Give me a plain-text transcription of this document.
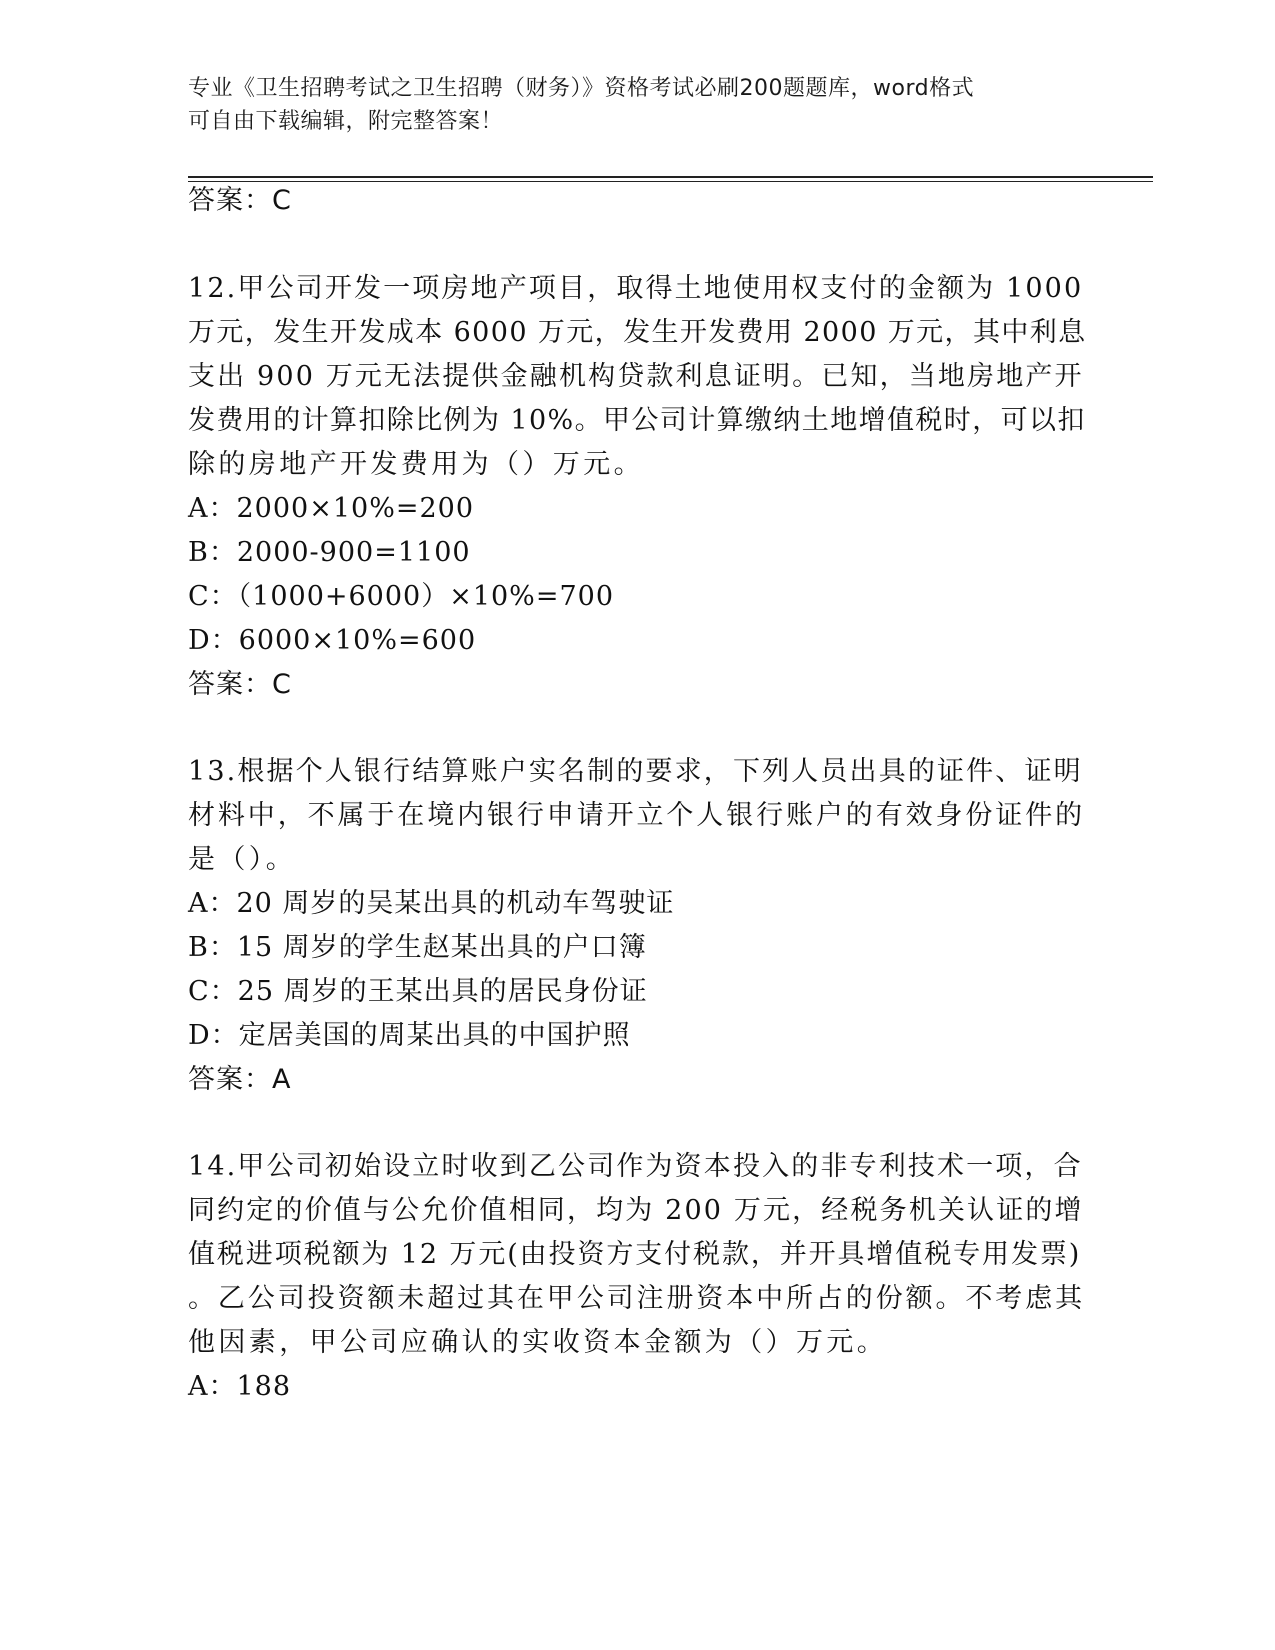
专业《卫生招聘考试之卫生招聘（财务）》资格考试必刷200题题库，word格式
可自由下载编辑，附完整答案！
答案：C
12.甲公司开发一项房地产项目，取得土地使用权支付的金额为 1000
万元，发生开发成本 6000 万元，发生开发费用 2000 万元，其中利息
支出 900 万元无法提供金融机构贷款利息证明。已知，当地房地产开
发费用的计算扣除比例为 10%。甲公司计算缴纳土地增值税时，可以扣
除的房地产开发费用为（）万元。
A：2000×10%=200
B：2000-900=1100
C：（1000+6000）×10%=700
D：6000×10%=600
答案：C
13.根据个人银行结算账户实名制的要求，下列人员出具的证件、证明
材料中，不属于在境内银行申请开立个人银行账户的有效身份证件的
是（）。
A：20 周岁的吴某出具的机动车驾驶证
B：15 周岁的学生赵某出具的户口簿
C：25 周岁的王某出具的居民身份证
D：定居美国的周某出具的中国护照
答案：A
14.甲公司初始设立时收到乙公司作为资本投入的非专利技术一项，合
同约定的价值与公允价值相同，均为 200 万元，经税务机关认证的增
值税进项税额为 12 万元(由投资方支付税款，并开具增值税专用发票)
。乙公司投资额未超过其在甲公司注册资本中所占的份额。不考虑其
他因素，甲公司应确认的实收资本金额为（）万元。
A：188
